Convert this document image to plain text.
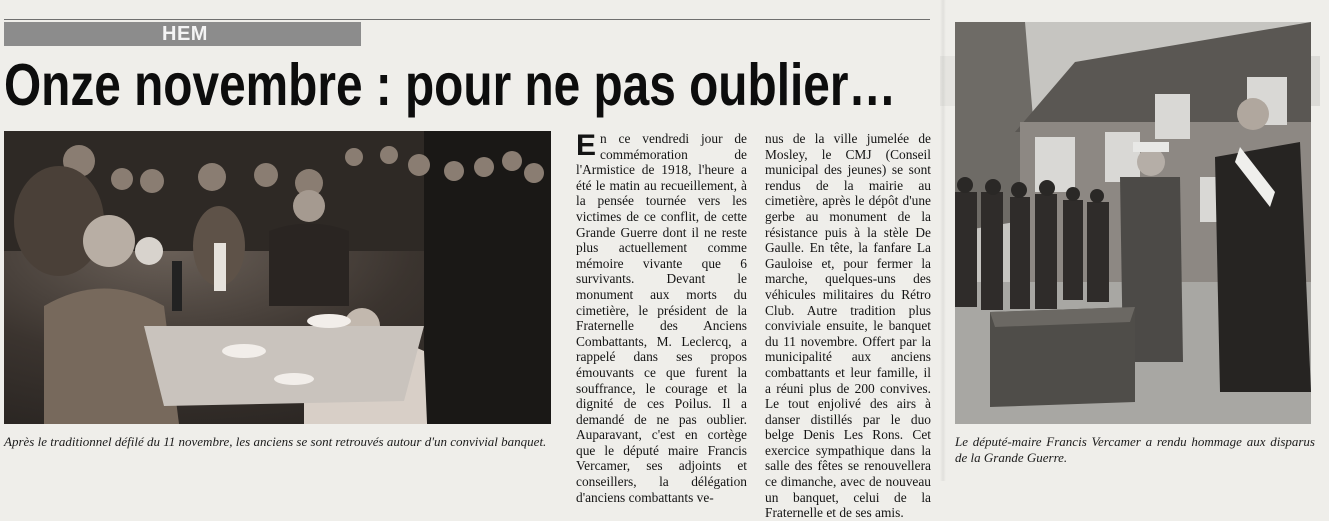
HEM
Onze novembre : pour ne pas oublier…
Après le traditionnel défilé du 11 novembre, les anciens se sont retrouvés autour d'un convivial banquet.
En ce vendredi jour de commémoration de l'Armistice de 1918, l'heure a été le matin au recueillement, à la pensée tournée vers les victimes de ce conflit, de cette Grande Guerre dont il ne reste plus actuellement comme mémoire vivante que 6 survivants. Devant le monument aux morts du cimetière, le président de la Fraternelle des Anciens Combattants, M. Leclercq, a rappelé dans ses propos émouvants ce que furent la souffrance, le courage et la dignité de ces Poilus. Il a demandé de ne pas oublier. Auparavant, c'est en cortège que le député maire Francis Vercamer, ses adjoints et conseillers, la délégation d'anciens combattants ve-
nus de la ville jumelée de Mosley, le CMJ (Conseil municipal des jeunes) se sont rendus de la mairie au cimetière, après le dépôt d'une gerbe au monument de la résistance puis à la stèle De Gaulle. En tête, la fanfare La Gauloise et, pour fermer la marche, quelques-uns des véhicules militaires du Rétro Club. Autre tradition plus conviviale ensuite, le banquet du 11 novembre. Offert par la municipalité aux anciens combattants et leur famille, il a réuni plus de 200 convives. Le tout enjolivé des airs à danser distillés par le duo belge Denis Les Rons. Cet exercice sympathique dans la salle des fêtes se renouvellera ce dimanche, avec de nouveau un banquet, celui de la Fraternelle et de ses amis.
Le député-maire Francis Vercamer a rendu hommage aux disparus de la Grande Guerre.
